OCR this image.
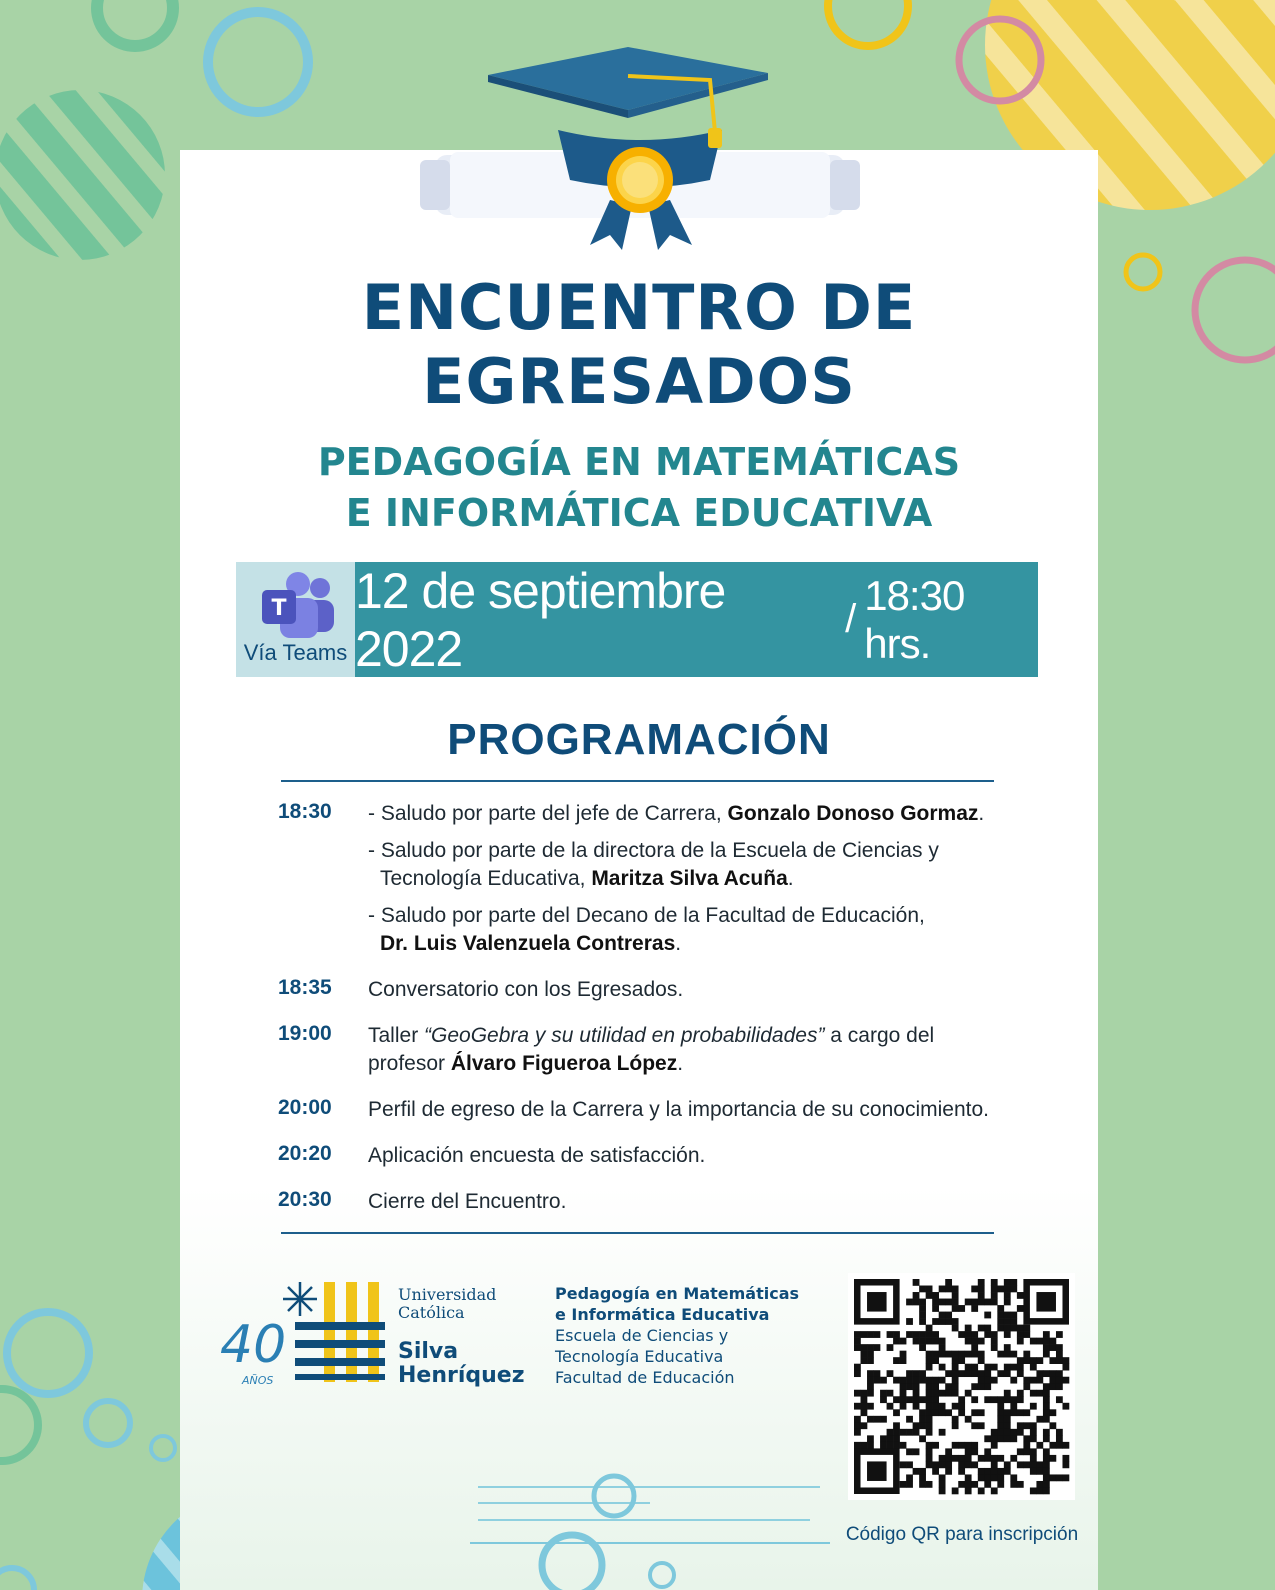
ENCUENTRO DE
EGRESADOS
PEDAGOGÍA EN MATEMÁTICAS
E INFORMÁTICA EDUCATIVA
T
Vía Teams
12 de septiembre 2022
/
18:30 hrs.
PROGRAMACIÓN
18:30	- Saludo por parte del jefe de Carrera, Gonzalo Donoso Gormaz.
- Saludo por parte de la directora de la Escuela de Ciencias y
Tecnología Educativa, Maritza Silva Acuña.
- Saludo por parte del Decano de la Facultad de Educación,
Dr. Luis Valenzuela Contreras.
18:35	Conversatorio con los Egresados.
19:00	Taller “GeoGebra y su utilidad en probabilidades” a cargo del
profesor Álvaro Figueroa López.
20:00	Perfil de egreso de la Carrera y la importancia de su conocimiento.
20:20	Aplicación encuesta de satisfacción.
20:30	Cierre del Encuentro.
40
AÑOS
Universidad
Católica
Silva
Henríquez
Pedagogía en Matemáticas
e Informática Educativa
Escuela de Ciencias y
Tecnología Educativa
Facultad de Educación
Código QR para inscripción
